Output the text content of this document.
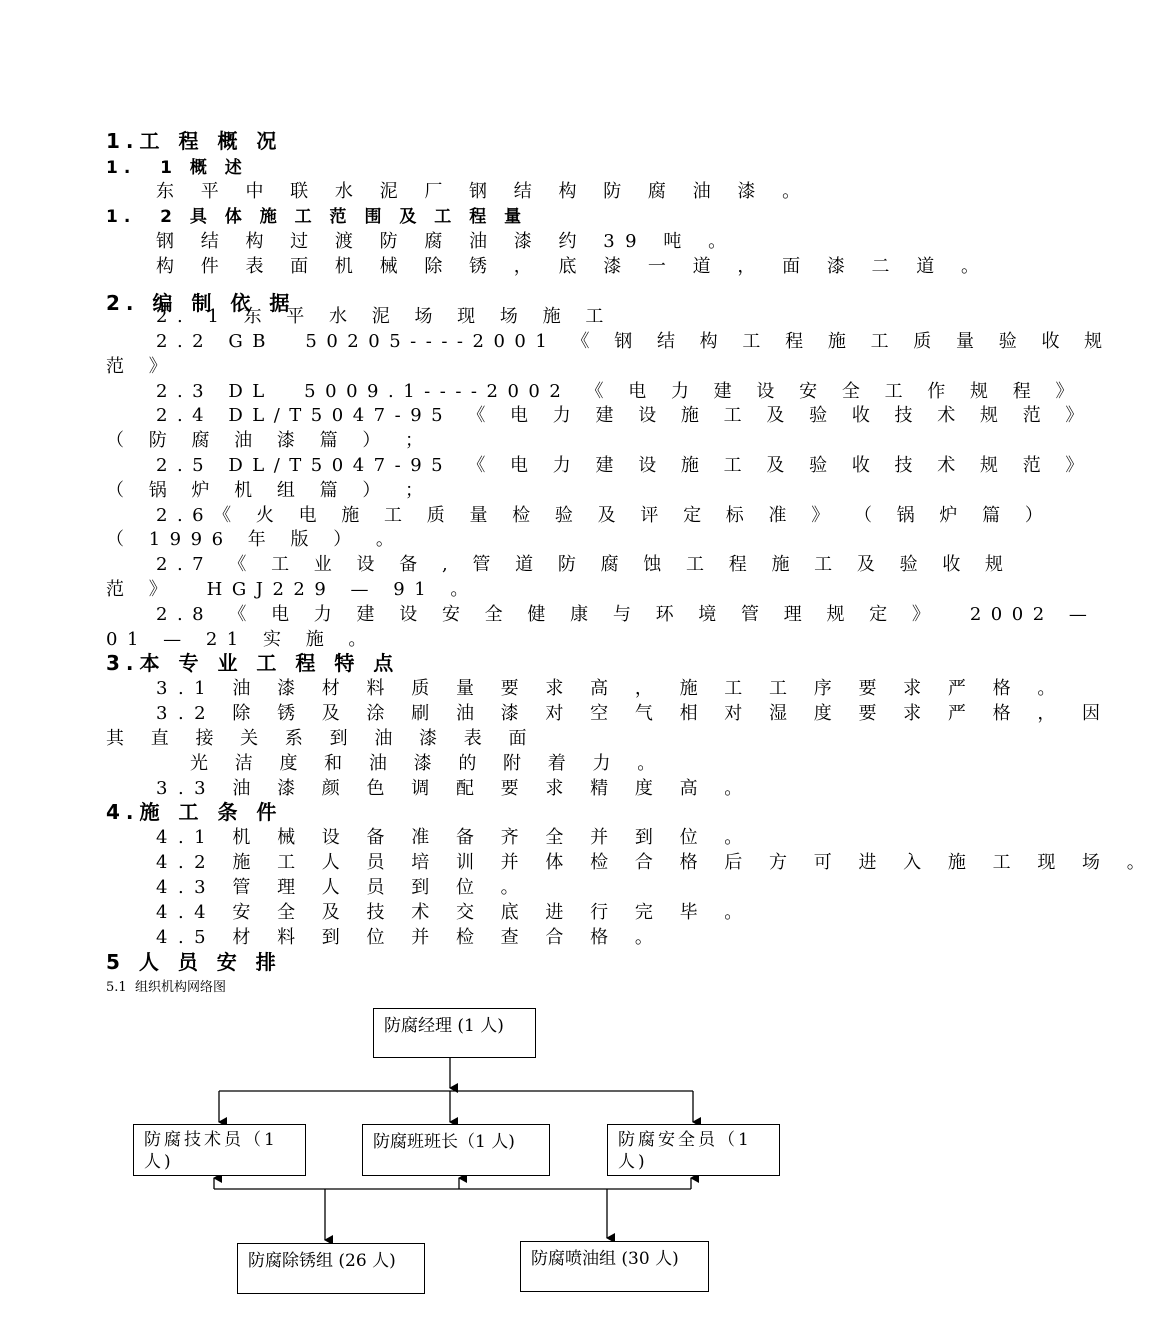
1.工 程 概 况
1.  1 概 述
东 平 中 联 水 泥 厂 钢 结 构 防 腐 油 漆 。
1.  2 具 体 施 工 范 围 及 工 程 量
钢 结 构 过 渡 防 腐 油 漆 约 39 吨 。
构 件 表 面 机 械 除 锈 ， 底 漆 一 道 ， 面 漆 二 道 。
2. 编 制 依 据
2. 1 东 平 水 泥 场 现 场 施 工
2.2 GB  50205----2001 《 钢 结 构 工 程 施 工 质 量 验 收 规
范 》
2.3 DL  5009.1----2002 《 电 力 建 设 安 全 工 作 规 程 》
2.4 DL/T5047-95 《 电 力 建 设 施 工 及 验 收 技 术 规 范 》
（ 防 腐 油 漆 篇 ） ；
2.5 DL/T5047-95 《 电 力 建 设 施 工 及 验 收 技 术 规 范 》
（ 锅 炉 机 组 篇 ） ；
2.6《 火 电 施 工 质 量 检 验 及 评 定 标 准 》 （ 锅 炉 篇 ）
（ 1996 年 版 ） 。
2.7 《 工 业 设 备 , 管 道 防 腐 蚀 工 程 施 工 及 验 收 规
范 》  HGJ229 — 91 。
2.8 《 电 力 建 设 安 全 健 康 与 环 境 管 理 规 定 》  2002 —
01 — 21 实 施 。
3.本 专 业 工 程 特 点
3.1 油 漆 材 料 质 量 要 求 高 ， 施 工 工 序 要 求 严 格 。
3.2 除 锈 及 涂 刷 油 漆 对 空 气 相 对 湿 度 要 求 严 格 ， 因
其 直 接 关 系 到 油 漆 表 面
光 洁 度 和 油 漆 的 附 着 力 。
3.3 油 漆 颜 色 调 配 要 求 精 度 高 。
4.施 工 条 件
4.1 机 械 设 备 准 备 齐 全 并 到 位 。
4.2 施 工 人 员 培 训 并 体 检 合 格 后 方 可 进 入 施 工 现 场 。
4.3 管 理 人 员 到 位 。
4.4 安 全 及 技 术 交 底 进 行 完 毕 。
4.5 材 料 到 位 并 检 查 合 格 。
5 人 员 安 排
5.1  组织机构网络图
防腐经理 (1 人)
防腐技术员（1 人)
防腐班班长（1 人)	防腐安全员（1 人)
防腐除锈组 (26 人)	防腐喷油组 (30 人)
